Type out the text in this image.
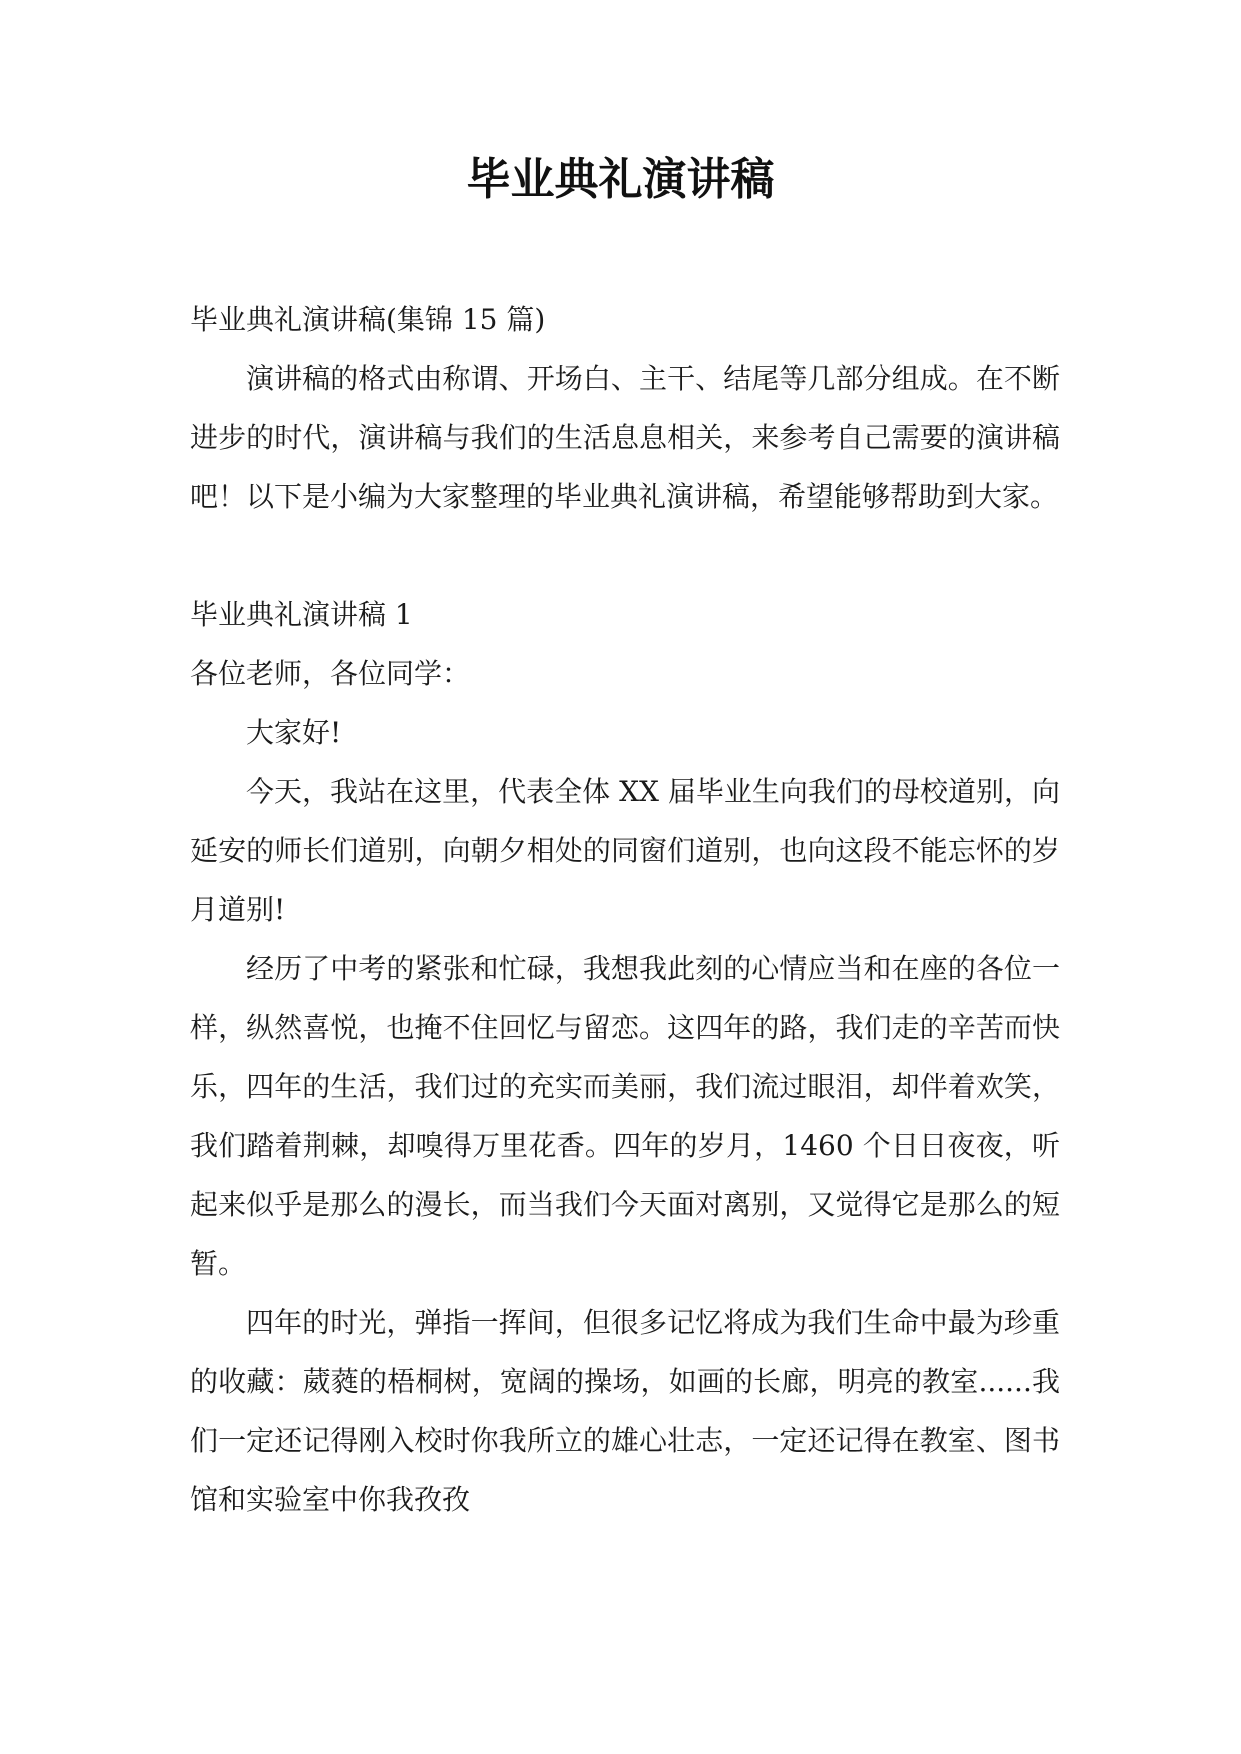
毕业典礼演讲稿

毕业典礼演讲稿(集锦 15 篇)

演讲稿的格式由称谓、开场白、主干、结尾等几部分组成。在不断进步的时代，演讲稿与我们的生活息息相关，来参考自己需要的演讲稿吧！以下是小编为大家整理的毕业典礼演讲稿，希望能够帮助到大家。

毕业典礼演讲稿 1

各位老师，各位同学：

大家好!

今天，我站在这里，代表全体 XX 届毕业生向我们的母校道别，向延安的师长们道别，向朝夕相处的同窗们道别，也向这段不能忘怀的岁月道别!

经历了中考的紧张和忙碌，我想我此刻的心情应当和在座的各位一样，纵然喜悦，也掩不住回忆与留恋。这四年的路，我们走的辛苦而快乐，四年的生活，我们过的充实而美丽，我们流过眼泪，却伴着欢笑，我们踏着荆棘，却嗅得万里花香。四年的岁月，1460 个日日夜夜，听起来似乎是那么的漫长，而当我们今天面对离别，又觉得它是那么的短暂。

四年的时光，弹指一挥间，但很多记忆将成为我们生命中最为珍重的收藏：葳蕤的梧桐树，宽阔的操场，如画的长廊，明亮的教室......我们一定还记得刚入校时你我所立的雄心壮志，一定还记得在教室、图书馆和实验室中你我孜孜
